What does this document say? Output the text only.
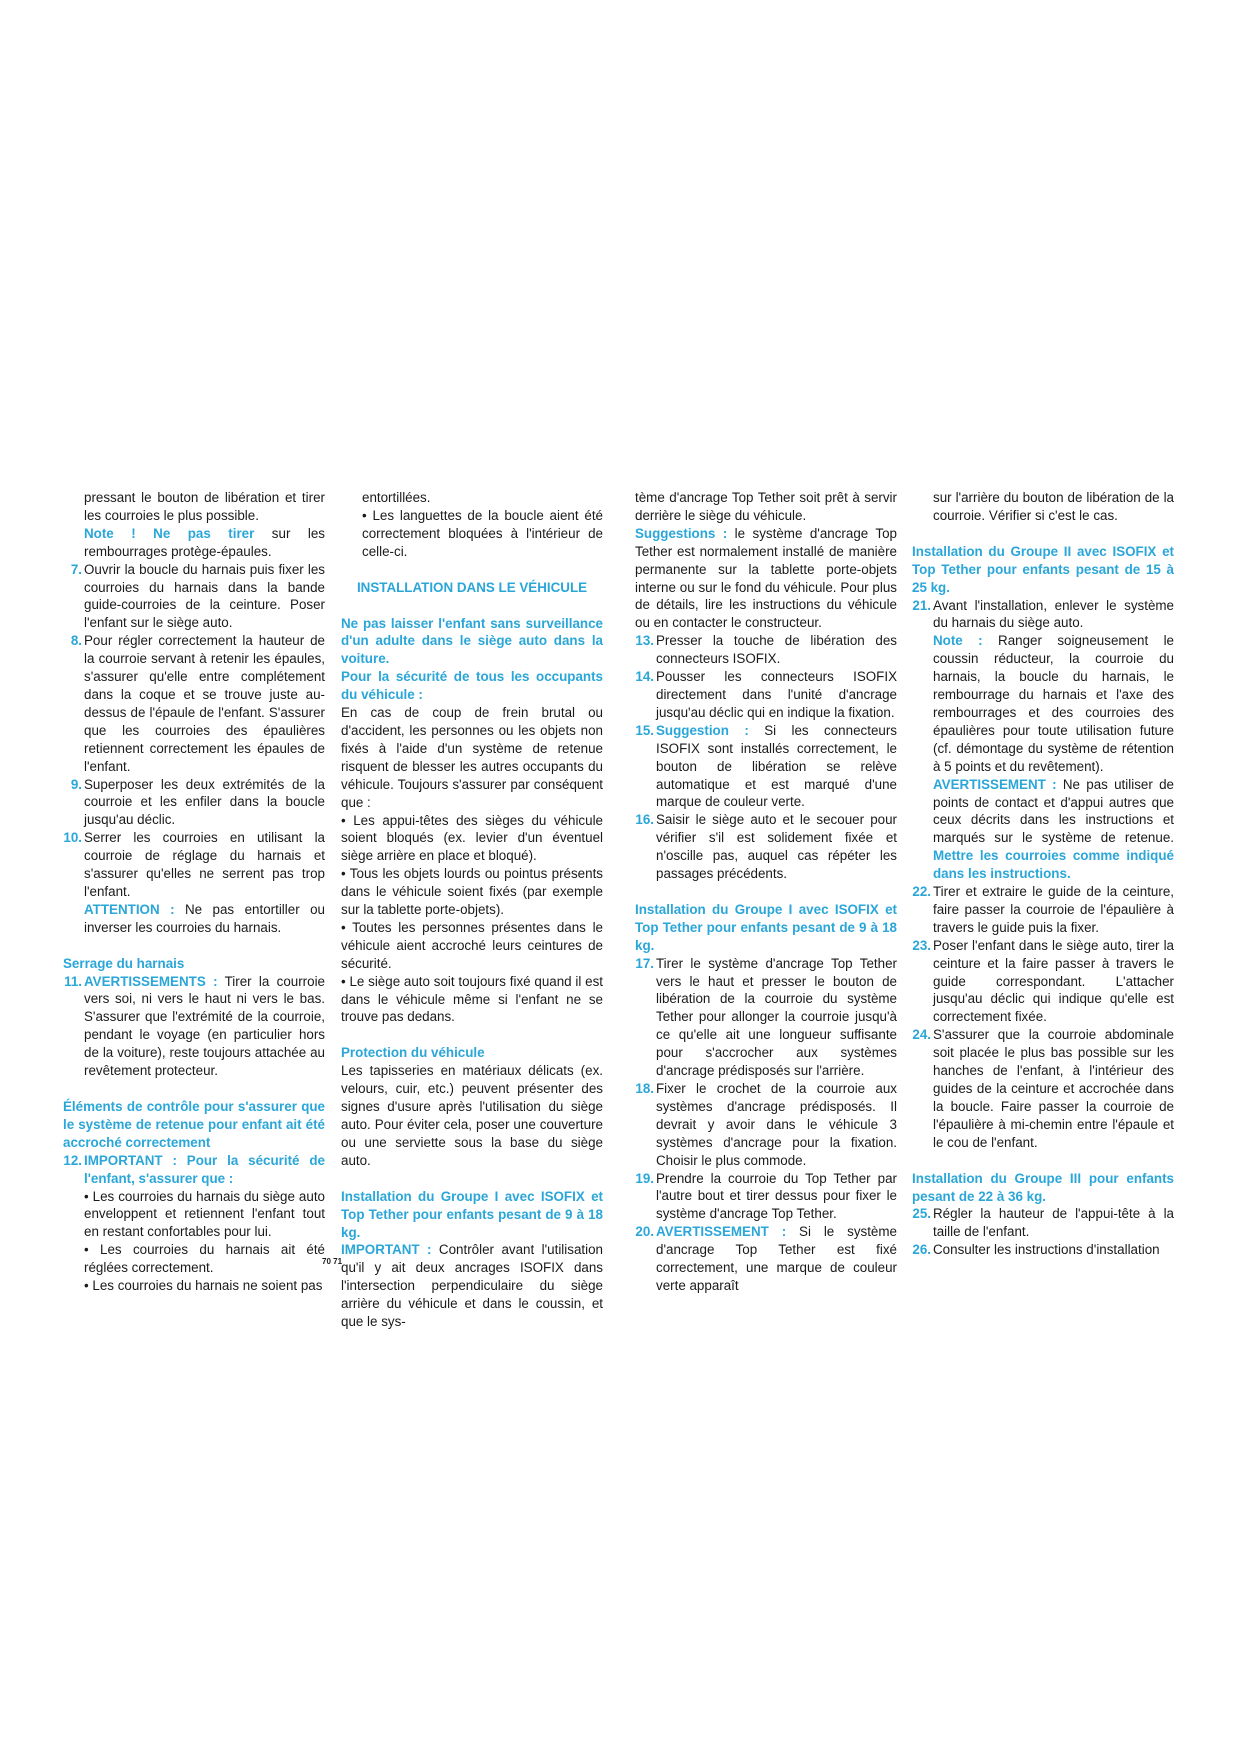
pressant le bouton de libération et tirer les courroies le plus possible.

Note ! Ne pas tirer sur les rembourrages protège-épaules.

7. Ouvrir la boucle du harnais puis fixer les courroies du harnais dans la bande guide-courroies de la ceinture. Poser l'enfant sur le siège auto.
8. Pour régler correctement la hauteur de la courroie servant à retenir les épaules, s'assurer qu'elle entre complétement dans la coque et se trouve juste au-dessus de l'épaule de l'enfant. S'assurer que les courroies des épaulières retiennent correctement les épaules de l'enfant.
9. Superposer les deux extrémités de la courroie et les enfiler dans la boucle jusqu'au déclic.
10. Serrer les courroies en utilisant la courroie de réglage du harnais et s'assurer qu'elles ne serrent pas trop l'enfant.

ATTENTION : Ne pas entortiller ou inverser les courroies du harnais.

Serrage du harnais

11. AVERTISSEMENTS : Tirer la courroie vers soi, ni vers le haut ni vers le bas. S'assurer que l'extrémité de la courroie, pendant le voyage (en particulier hors de la voiture), reste toujours attachée au revêtement protecteur.

Éléments de contrôle pour s'assurer que le système de retenue pour enfant ait été accroché correctement

12. IMPORTANT : Pour la sécurité de l'enfant, s'assurer que :

• Les courroies du harnais du siège auto enveloppent et retiennent l'enfant tout en restant confortables pour lui.

• Les courroies du harnais ait été réglées correctement.

• Les courroies du harnais ne soient pas

entortillées.

• Les languettes de la boucle aient été correctement bloquées à l'intérieur de celle-ci.

INSTALLATION DANS LE VÉHICULE

Ne pas laisser l'enfant sans surveillance d'un adulte dans le siège auto dans la voiture.

Pour la sécurité de tous les occupants du véhicule :

En cas de coup de frein brutal ou d'accident, les personnes ou les objets non fixés à l'aide d'un système de retenue risquent de blesser les autres occupants du véhicule. Toujours s'assurer par conséquent que :

• Les appui-têtes des sièges du véhicule soient bloqués (ex. levier d'un éventuel siège arrière en place et bloqué).

• Tous les objets lourds ou pointus présents dans le véhicule soient fixés (par exemple sur la tablette porte-objets).

• Toutes les personnes présentes dans le véhicule aient accroché leurs ceintures de sécurité.

• Le siège auto soit toujours fixé quand il est dans le véhicule même si l'enfant ne se trouve pas dedans.

Protection du véhicule

Les tapisseries en matériaux délicats (ex. velours, cuir, etc.) peuvent présenter des signes d'usure après l'utilisation du siège auto. Pour éviter cela, poser une couverture ou une serviette sous la base du siège auto.

Installation du Groupe I avec ISOFIX et Top Tether pour enfants pesant de 9 à 18 kg.

IMPORTANT : Contrôler avant l'utilisation qu'il y ait deux ancrages ISOFIX dans l'intersection perpendiculaire du siège arrière du véhicule et dans le coussin, et que le sys-

tème d'ancrage Top Tether soit prêt à servir derrière le siège du véhicule.

Suggestions : le système d'ancrage Top Tether est normalement installé de manière permanente sur la tablette porte-objets interne ou sur le fond du véhicule. Pour plus de détails, lire les instructions du véhicule ou en contacter le constructeur.

13. Presser la touche de libération des connecteurs ISOFIX.
14. Pousser les connecteurs ISOFIX directement dans l'unité d'ancrage jusqu'au déclic qui en indique la fixation.
15. Suggestion : Si les connecteurs ISOFIX sont installés correctement, le bouton de libération se relève automatique et est marqué d'une marque de couleur verte.
16. Saisir le siège auto et le secouer pour vérifier s'il est solidement fixée et n'oscille pas, auquel cas répéter les passages précédents.

Installation du Groupe I avec ISOFIX et Top Tether pour enfants pesant de 9 à 18 kg.

17. Tirer le système d'ancrage Top Tether vers le haut et presser le bouton de libération de la courroie du système Tether pour allonger la courroie jusqu'à ce qu'elle ait une longueur suffisante pour s'accrocher aux systèmes d'ancrage prédisposés sur l'arrière.
18. Fixer le crochet de la courroie aux systèmes d'ancrage prédisposés. Il devrait y avoir dans le véhicule 3 systèmes d'ancrage pour la fixation. Choisir le plus commode.
19. Prendre la courroie du Top Tether par l'autre bout et tirer dessus pour fixer le système d'ancrage Top Tether.
20. AVERTISSEMENT : Si le système d'ancrage Top Tether est fixé correctement, une marque de couleur verte apparaît

sur l'arrière du bouton de libération de la courroie. Vérifier si c'est le cas.

Installation du Groupe II avec ISOFIX et Top Tether pour enfants pesant de 15 à 25 kg.

21. Avant l'installation, enlever le système du harnais du siège auto.

Note : Ranger soigneusement le coussin réducteur, la courroie du harnais, la boucle du harnais, le rembourrage du harnais et l'axe des rembourrages et des courroies des épaulières pour toute utilisation future (cf. démontage du système de rétention à 5 points et du revêtement).

AVERTISSEMENT : Ne pas utiliser de points de contact et d'appui autres que ceux décrits dans les instructions et marqués sur le système de retenue. Mettre les courroies comme indiqué dans les instructions.

22. Tirer et extraire le guide de la ceinture, faire passer la courroie de l'épaulière à travers le guide puis la fixer.
23. Poser l'enfant dans le siège auto, tirer la ceinture et la faire passer à travers le guide correspondant. L'attacher jusqu'au déclic qui indique qu'elle est correctement fixée.
24. S'assurer que la courroie abdominale soit placée le plus bas possible sur les hanches de l'enfant, à l'intérieur des guides de la ceinture et accrochée dans la boucle. Faire passer la courroie de l'épaulière à mi-chemin entre l'épaule et le cou de l'enfant.

Installation du Groupe III pour enfants pesant de 22 à 36 kg.

25. Régler la hauteur de l'appui-tête à la taille de l'enfant.
26. Consulter les instructions d'installation
70 71
